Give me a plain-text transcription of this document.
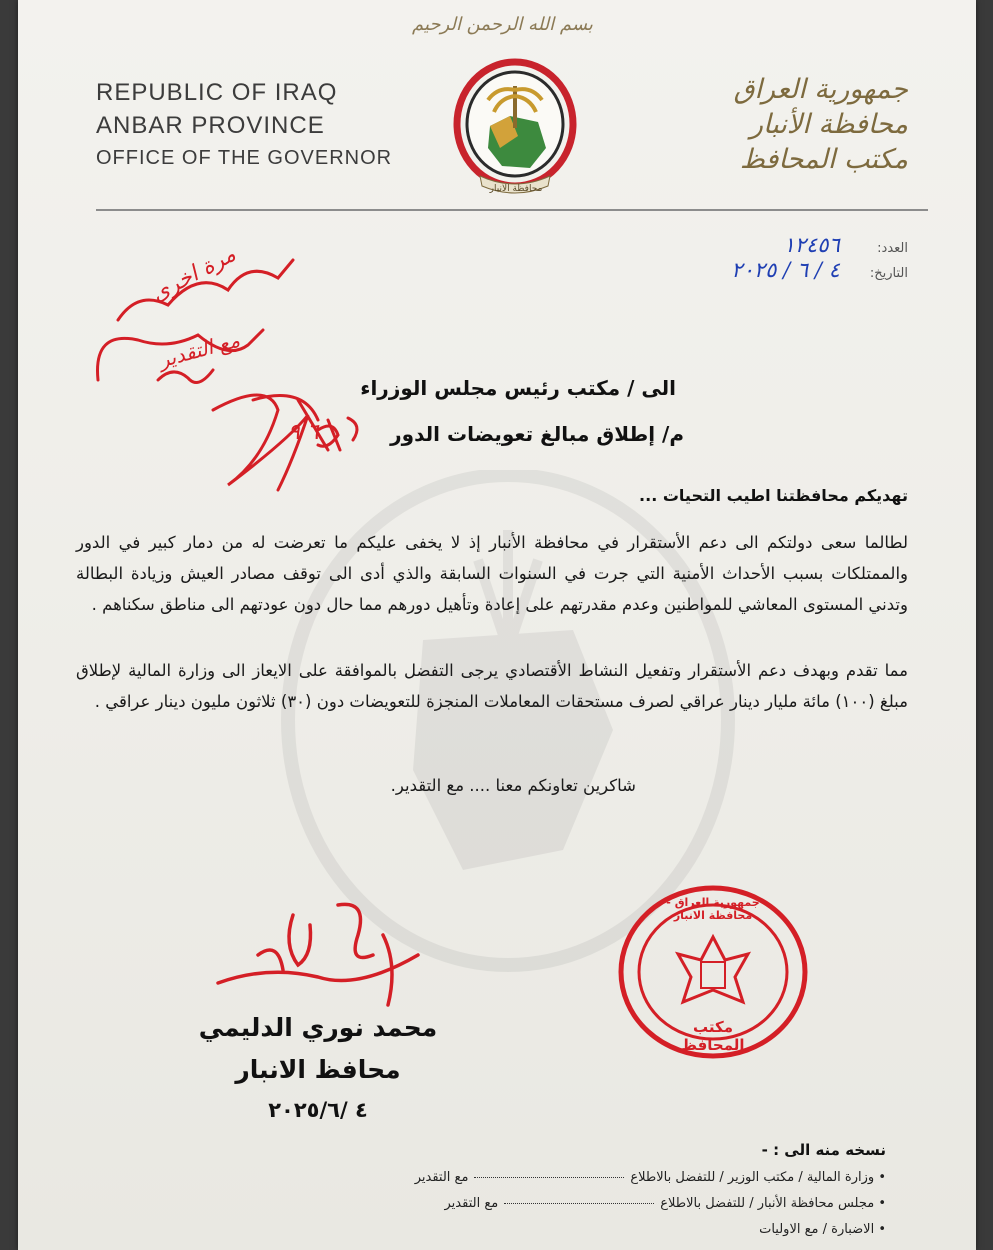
بسم الله الرحمن الرحيم
REPUBLIC OF IRAQ
ANBAR PROVINCE
OFFICE OF THE GOVERNOR
جمهورية العراق
محافظة الأنبار
مكتب المحافظ
محافظة الانبار
العدد: ١٢٤٥٦
التاريخ: ٤ / ٦ / ٢٠٢٥
مرة اخرى
مع التقدير
٦ ٩
الى / مكتب رئيس مجلس الوزراء
م/ إطلاق مبالغ تعويضات الدور
تهديكم محافظتنا اطيب التحيات ...
لطالما سعى دولتكم الى دعم الأستقرار في محافظة الأنبار إذ لا يخفى عليكم ما تعرضت له من دمار كبير في الدور والممتلكات بسبب الأحداث الأمنية التي جرت في السنوات السابقة والذي أدى الى توقف مصادر العيش وزيادة البطالة وتدني المستوى المعاشي للمواطنين وعدم مقدرتهم على إعادة وتأهيل دورهم مما حال دون عودتهم الى مناطق سكناهم .
مما تقدم وبهدف دعم الأستقرار وتفعيل النشاط الأقتصادي يرجى التفضل بالموافقة على الايعاز الى وزارة المالية لإطلاق مبلغ (١٠٠) مائة مليار دينار عراقي لصرف مستحقات المعاملات المنجزة للتعويضات دون (٣٠) ثلاثون مليون دينار عراقي .
شاكرين تعاونكم معنا .... مع التقدير.
محمد نوري الدليمي
محافظ الانبار
٤ /٢٠٢٥/٦
جمهورية العراق - محافظة الانبار
مكتب المحافظ
نسخه منه الى : -
• وزارة المالية / مكتب الوزير / للتفضل بالاطلاعمع التقدير
• مجلس محافظة الأنبار / للتفضل بالاطلاعمع التقدير
• الاضبارة / مع الاوليات
